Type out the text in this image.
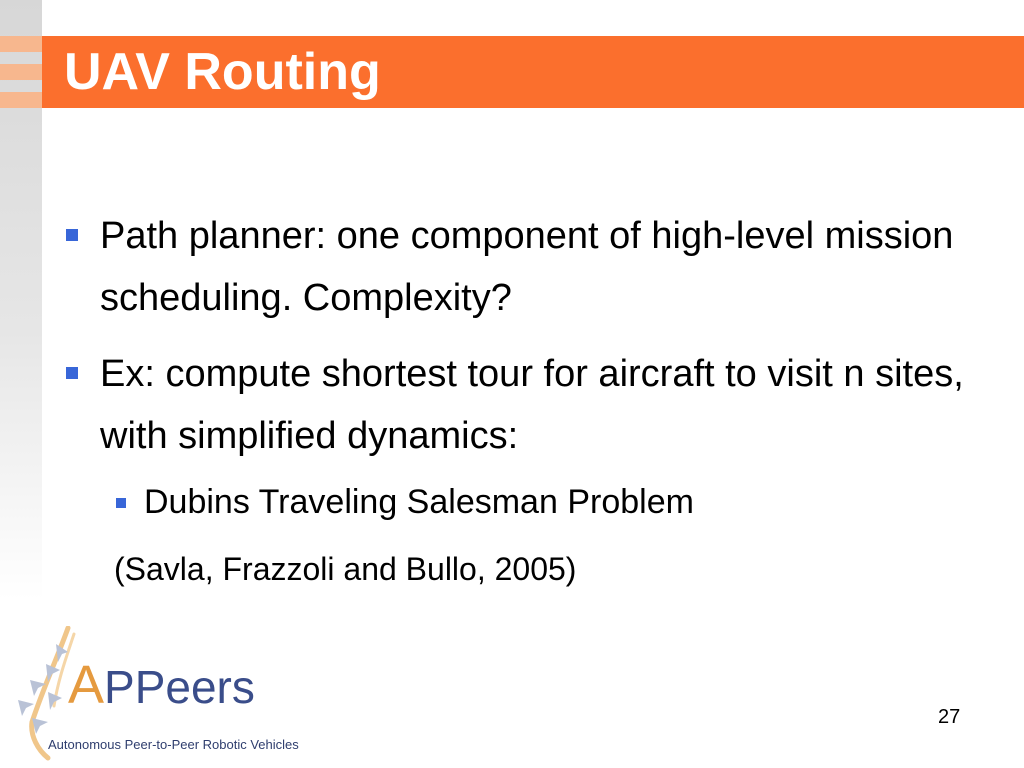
UAV Routing
Path planner: one component of high-level mission scheduling. Complexity?
Ex: compute shortest tour for aircraft to visit n sites, with simplified dynamics:
Dubins Traveling Salesman Problem
(Savla, Frazzoli and Bullo, 2005)
APPeers
Autonomous Peer-to-Peer Robotic Vehicles
27
